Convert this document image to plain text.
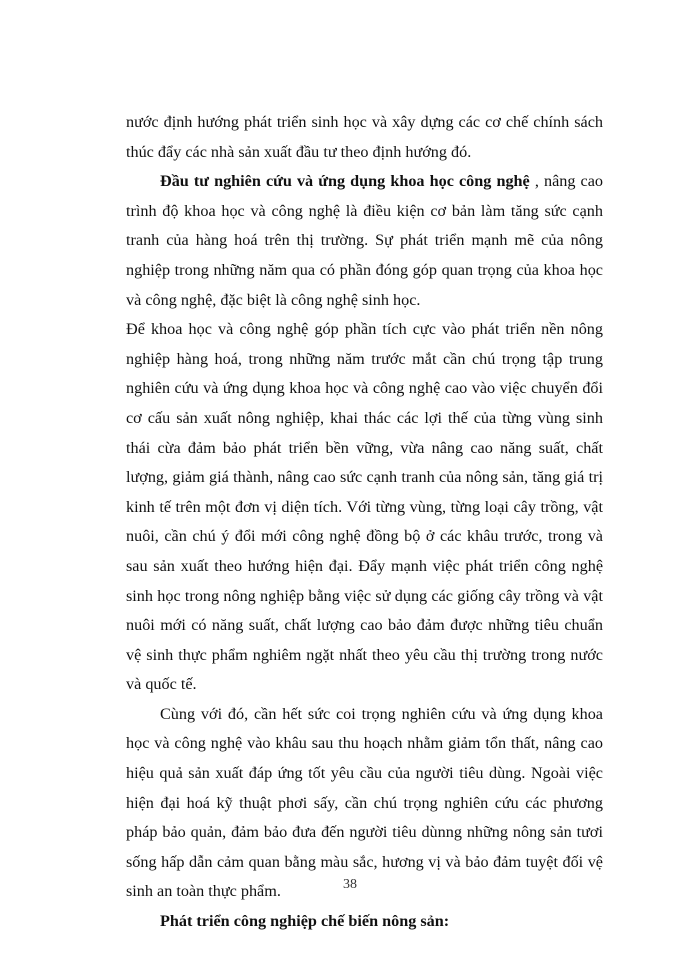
nước định hướng phát triển sinh học và xây dựng các cơ chế chính sách thúc đẩy các nhà sản xuất đầu tư theo định hướng đó.

Đầu tư nghiên cứu và ứng dụng khoa học công nghệ , nâng cao trình độ khoa học và công nghệ là điều kiện cơ bản làm tăng sức cạnh tranh của hàng hoá trên thị trường. Sự phát triển mạnh mẽ của nông nghiệp trong những năm qua có phần đóng góp quan trọng của khoa học và công nghệ, đặc biệt là công nghệ sinh học.

Để khoa học và công nghệ góp phần tích cực vào phát triển nền nông nghiệp hàng hoá, trong những năm trước mắt cần chú trọng tập trung nghiên cứu và ứng dụng khoa học và công nghệ cao vào việc chuyển đổi cơ cấu sản xuất nông nghiệp, khai thác các lợi thế của từng vùng sinh thái cừa đảm bảo phát triển bền vững, vừa nâng cao năng suất, chất lượng, giảm giá thành, nâng cao sức cạnh tranh của nông sản, tăng giá trị kinh tế trên một đơn vị diện tích. Với từng vùng, từng loại cây trồng, vật nuôi, cần chú ý đổi mới công nghệ đồng bộ ở các khâu trước, trong và sau sản xuất theo hướng hiện đại. Đẩy mạnh việc phát triển công nghệ sinh học trong nông nghiệp bằng việc sử dụng các giống cây trồng và vật nuôi mới có năng suất, chất lượng cao bảo đảm được những tiêu chuẩn vệ sinh thực phẩm nghiêm ngặt nhất theo yêu cầu thị trường trong nước và quốc tế.

Cùng với đó, cần hết sức coi trọng nghiên cứu và ứng dụng khoa học và công nghệ vào khâu sau thu hoạch nhằm giảm tổn thất, nâng cao hiệu quả sản xuất đáp ứng tốt yêu cầu của người tiêu dùng. Ngoài việc hiện đại hoá kỹ thuật phơi sấy, cần chú trọng nghiên cứu các phương pháp bảo quản, đảm bảo đưa đến người tiêu dùnng những nông sản tươi sống hấp dẫn cảm quan bằng màu sắc, hương vị và bảo đảm tuyệt đối vệ sinh an toàn thực phẩm.

Phát triển công nghiệp chế biến nông sản:

38
